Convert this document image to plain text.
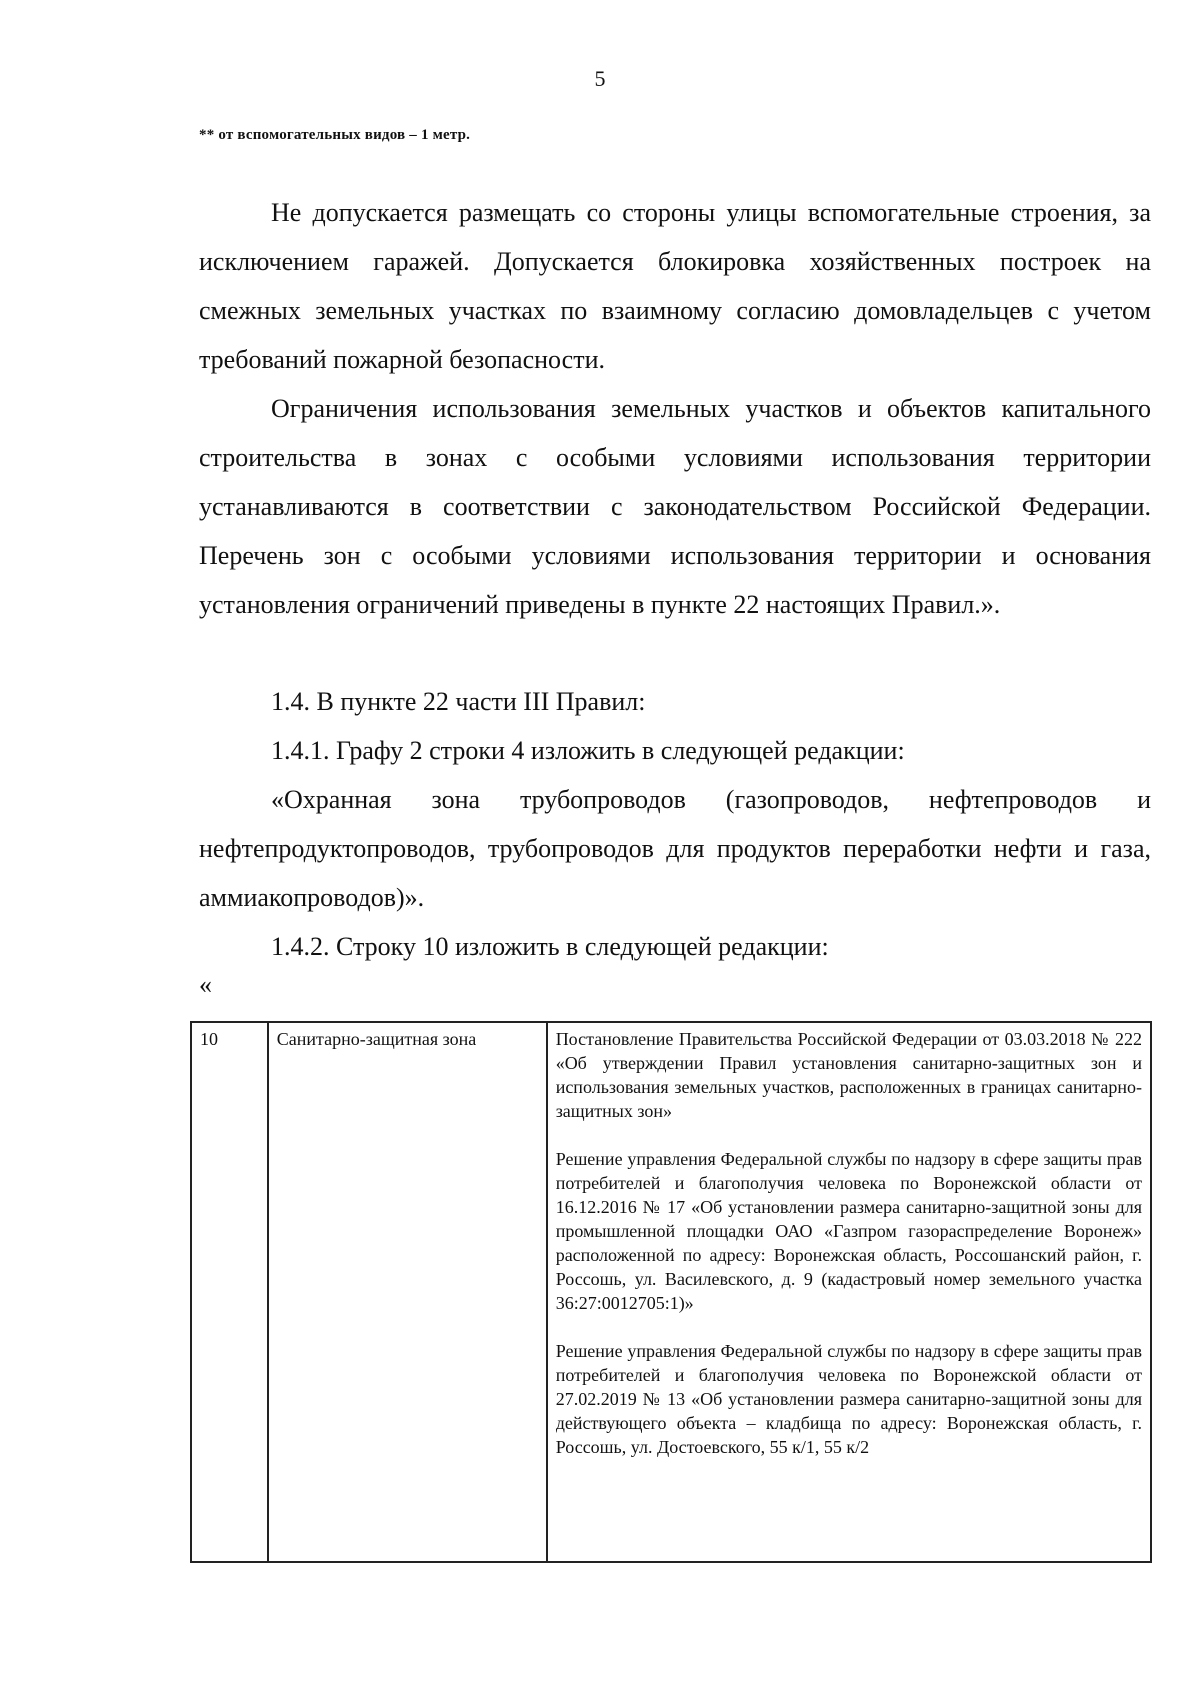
5
** от вспомогательных видов – 1 метр.

Не допускается размещать со стороны улицы вспомогательные строения, за исключением гаражей. Допускается блокировка хозяйственных построек на смежных земельных участках по взаимному согласию домовладельцев с учетом требований пожарной безопасности.

Ограничения использования земельных участков и объектов капитального строительства в зонах с особыми условиями использования территории устанавливаются в соответствии с законодательством Российской Федерации. Перечень зон с особыми условиями использования территории и основания установления ограничений приведены в пункте 22 настоящих Правил.».

1.4. В пункте 22 части III Правил:

1.4.1. Графу 2 строки 4 изложить в следующей редакции:

«Охранная зона трубопроводов (газопроводов, нефтепроводов и нефтепродуктопроводов, трубопроводов для продуктов переработки нефти и газа, аммиакопроводов)».

1.4.2. Строку 10 изложить в следующей редакции:

«
10	Санитарно-защитная зона	Постановление Правительства Российской Федерации от 03.03.2018 № 222 «Об утверждении Правил установления санитарно-защитных зон и использования земельных участков, расположенных в границах санитарно-защитных зон»

Решение управления Федеральной службы по надзору в сфере защиты прав потребителей и благополучия человека по Воронежской области от 16.12.2016 № 17 «Об установлении размера санитарно-защитной зоны для промышленной площадки ОАО «Газпром газораспределение Воронеж» расположенной по адресу: Воронежская область, Россошанский район, г. Россошь, ул. Василевского, д. 9 (кадастровый номер земельного участка 36:27:0012705:1)»

Решение управления Федеральной службы по надзору в сфере защиты прав потребителей и благополучия человека по Воронежской области от 27.02.2019 № 13 «Об установлении размера санитарно-защитной зоны для действующего объекта – кладбища по адресу: Воронежская область, г. Россошь, ул. Достоевского, 55 к/1, 55 к/2
